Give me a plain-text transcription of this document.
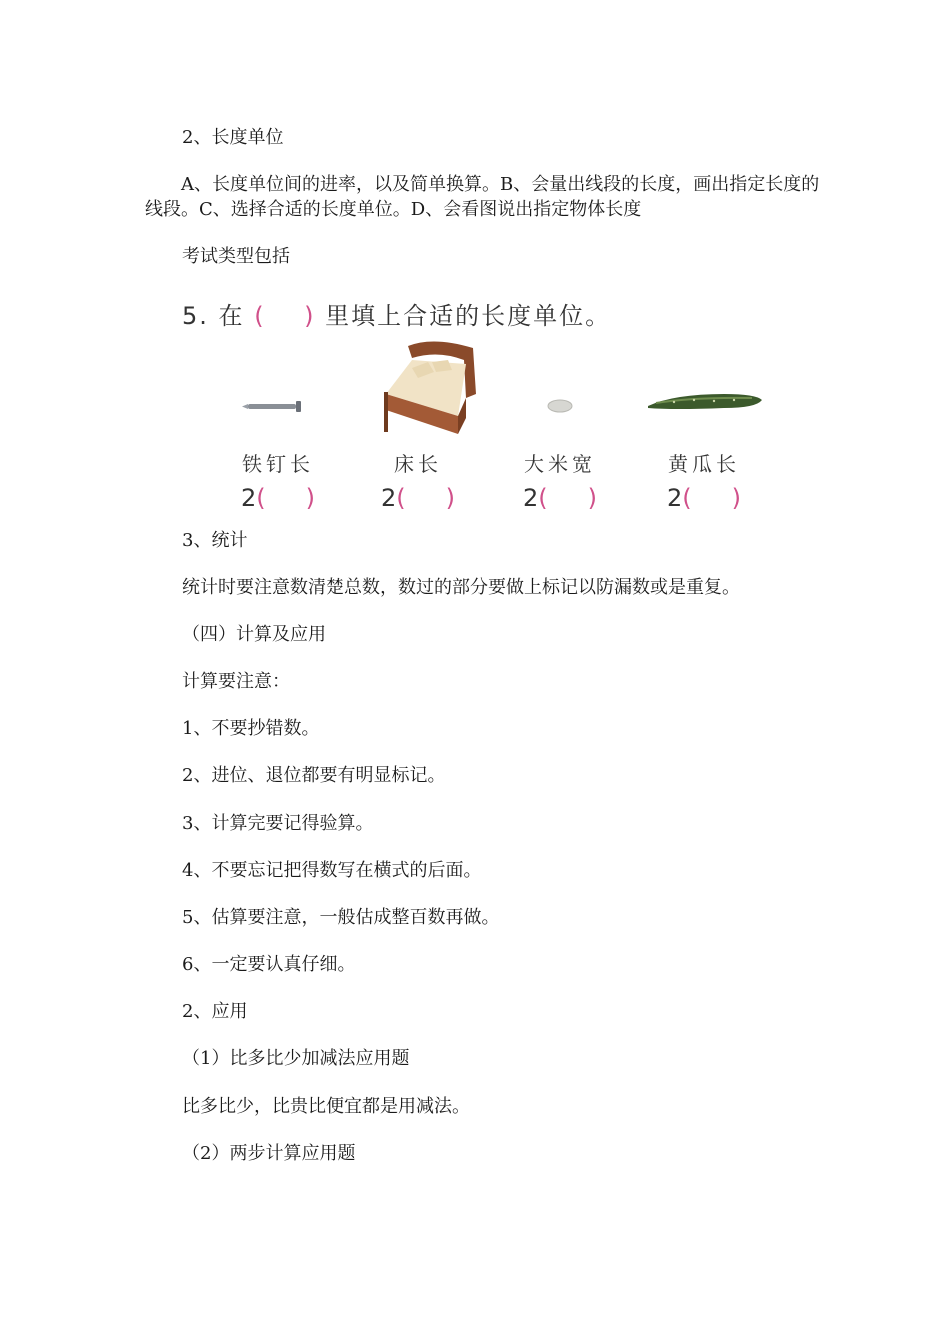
2、长度单位
A、长度单位间的进率，以及简单换算。B、会量出线段的长度，画出指定长度的线段。C、选择合适的长度单位。D、会看图说出指定物体长度
考试类型包括
5. 在 ( ) 里填上合适的长度单位。
铁钉长
2( )
床长
2( )
大米宽
2( )
黄瓜长
2( )
3、统计
统计时要注意数清楚总数，数过的部分要做上标记以防漏数或是重复。
（四）计算及应用
计算要注意：
1、不要抄错数。
2、进位、退位都要有明显标记。
3、计算完要记得验算。
4、不要忘记把得数写在横式的后面。
5、估算要注意，一般估成整百数再做。
6、一定要认真仔细。
2、应用
（1）比多比少加减法应用题
比多比少，比贵比便宜都是用减法。
（2）两步计算应用题
